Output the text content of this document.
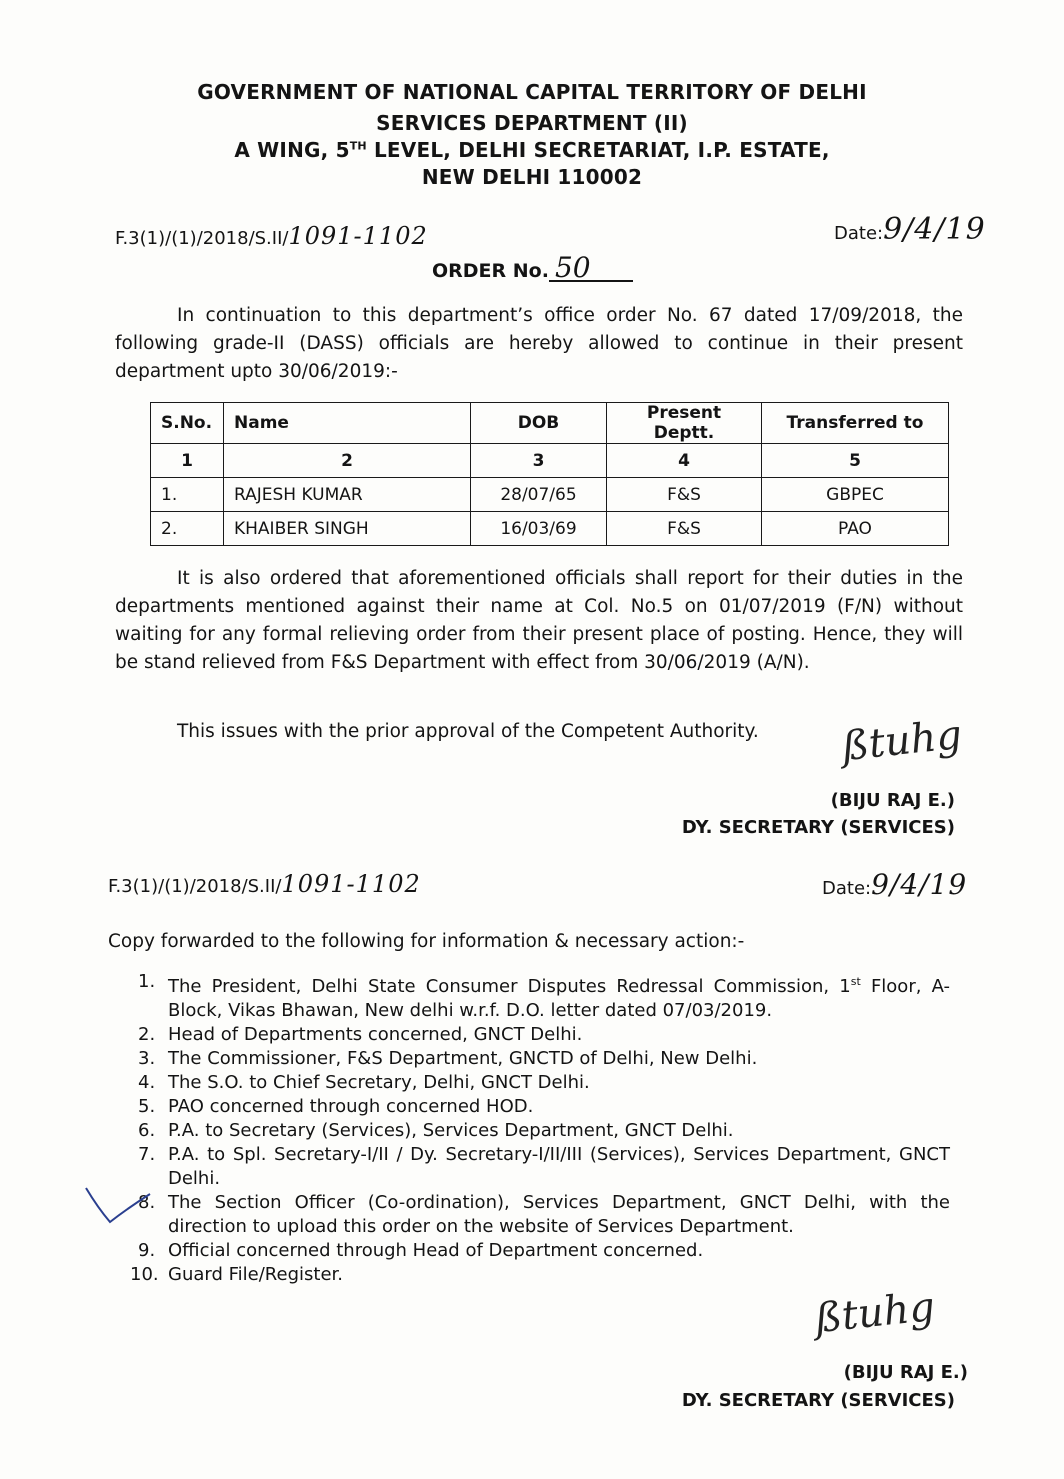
GOVERNMENT OF NATIONAL CAPITAL TERRITORY OF DELHI
SERVICES DEPARTMENT (II)
A WING, 5TH LEVEL, DELHI SECRETARIAT, I.P. ESTATE,
NEW DELHI 110002
F.3(1)/(1)/2018/S.II/1091-1102	Date:9/4/19
ORDER No. 50
In continuation to this department’s office order No. 67 dated 17/09/2018, the following grade-II (DASS) officials are hereby allowed to continue in their present department upto 30/06/2019:-
S.No.	Name	DOB	Present Deptt.	Transferred to
1	2	3	4	5
1.	RAJESH KUMAR	28/07/65	F&S	GBPEC
2.	KHAIBER SINGH	16/03/69	F&S	PAO
It is also ordered that aforementioned officials shall report for their duties in the departments mentioned against their name at Col. No.5 on 01/07/2019 (F/N) without waiting for any formal relieving order from their present place of posting. Hence, they will be stand relieved from F&S Department with effect from 30/06/2019 (A/N).
This issues with the prior approval of the Competent Authority.	ßtuhg
(BIJU RAJ E.)
DY. SECRETARY (SERVICES)
F.3(1)/(1)/2018/S.II/1091-1102	Date:9/4/19
Copy forwarded to the following for information & necessary action:-
1. The President, Delhi State Consumer Disputes Redressal Commission, 1st Floor, A-Block, Vikas Bhawan, New delhi w.r.f. D.O. letter dated 07/03/2019.
2. Head of Departments concerned, GNCT Delhi.
3. The Commissioner, F&S Department, GNCTD of Delhi, New Delhi.
4. The S.O. to Chief Secretary, Delhi, GNCT Delhi.
5. PAO concerned through concerned HOD.
6. P.A. to Secretary (Services), Services Department, GNCT Delhi.
7. P.A. to Spl. Secretary-I/II / Dy. Secretary-I/II/III (Services), Services Department, GNCT Delhi.
8. The Section Officer (Co-ordination), Services Department, GNCT Delhi, with the direction to upload this order on the website of Services Department.
9. Official concerned through Head of Department concerned.
10. Guard File/Register.
ßtuhg
(BIJU RAJ E.)
DY. SECRETARY (SERVICES)
